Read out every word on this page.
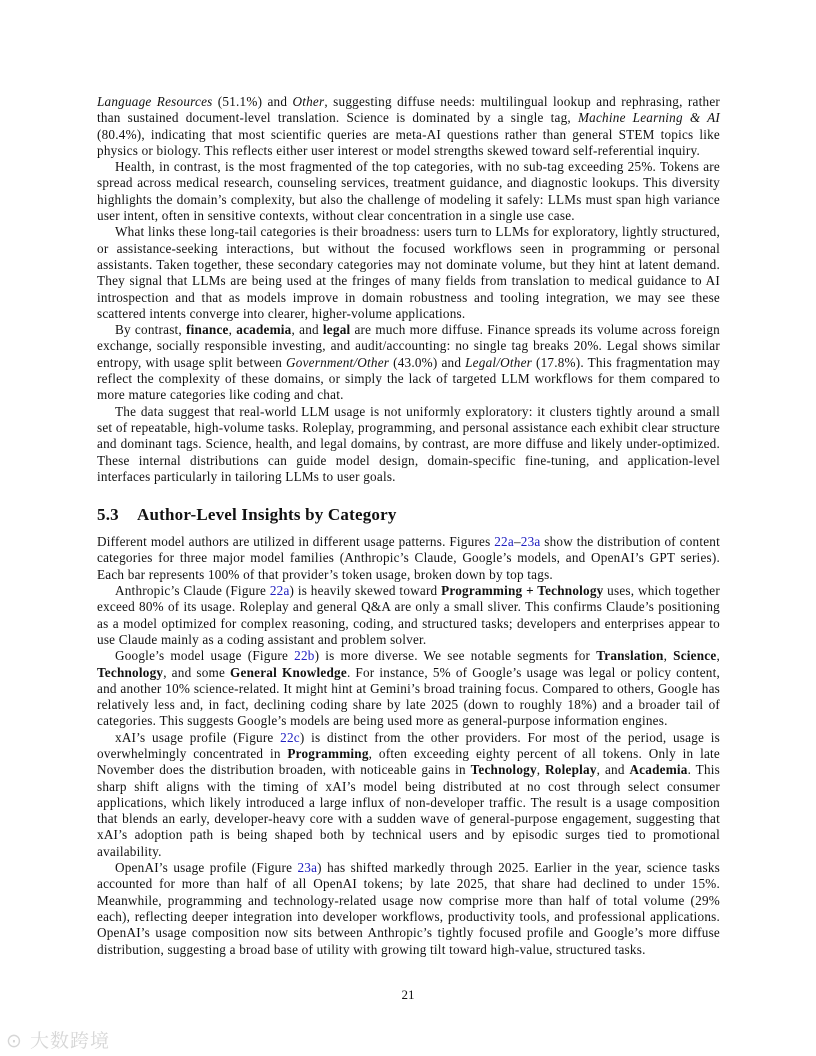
Language Resources (51.1%) and Other, suggesting diffuse needs: multilingual lookup and rephrasing, rather than sustained document-level translation. Science is dominated by a single tag, Machine Learning & AI (80.4%), indicating that most scientific queries are meta-AI questions rather than general STEM topics like physics or biology. This reflects either user interest or model strengths skewed toward self-referential inquiry.

Health, in contrast, is the most fragmented of the top categories, with no sub-tag exceeding 25%. Tokens are spread across medical research, counseling services, treatment guidance, and diagnostic lookups. This diversity highlights the domain’s complexity, but also the challenge of modeling it safely: LLMs must span high variance user intent, often in sensitive contexts, without clear concentration in a single use case.

What links these long-tail categories is their broadness: users turn to LLMs for exploratory, lightly structured, or assistance-seeking interactions, but without the focused workflows seen in programming or personal assistants. Taken together, these secondary categories may not dominate volume, but they hint at latent demand. They signal that LLMs are being used at the fringes of many fields from translation to medical guidance to AI introspection and that as models improve in domain robustness and tooling integration, we may see these scattered intents converge into clearer, higher-volume applications.

By contrast, finance, academia, and legal are much more diffuse. Finance spreads its volume across foreign exchange, socially responsible investing, and audit/accounting: no single tag breaks 20%. Legal shows similar entropy, with usage split between Government/Other (43.0%) and Legal/Other (17.8%). This fragmentation may reflect the complexity of these domains, or simply the lack of targeted LLM workflows for them compared to more mature categories like coding and chat.

The data suggest that real-world LLM usage is not uniformly exploratory: it clusters tightly around a small set of repeatable, high-volume tasks. Roleplay, programming, and personal assistance each exhibit clear structure and dominant tags. Science, health, and legal domains, by contrast, are more diffuse and likely under-optimized. These internal distributions can guide model design, domain-specific fine-tuning, and application-level interfaces particularly in tailoring LLMs to user goals.

5.3 Author-Level Insights by Category

Different model authors are utilized in different usage patterns. Figures 22a–23a show the distribution of content categories for three major model families (Anthropic’s Claude, Google’s models, and OpenAI’s GPT series). Each bar represents 100% of that provider’s token usage, broken down by top tags.

Anthropic’s Claude (Figure 22a) is heavily skewed toward Programming + Technology uses, which together exceed 80% of its usage. Roleplay and general Q&A are only a small sliver. This confirms Claude’s positioning as a model optimized for complex reasoning, coding, and structured tasks; developers and enterprises appear to use Claude mainly as a coding assistant and problem solver.

Google’s model usage (Figure 22b) is more diverse. We see notable segments for Translation, Science, Technology, and some General Knowledge. For instance, 5% of Google’s usage was legal or policy content, and another 10% science-related. It might hint at Gemini’s broad training focus. Compared to others, Google has relatively less and, in fact, declining coding share by late 2025 (down to roughly 18%) and a broader tail of categories. This suggests Google’s models are being used more as general-purpose information engines.

xAI’s usage profile (Figure 22c) is distinct from the other providers. For most of the period, usage is overwhelmingly concentrated in Programming, often exceeding eighty percent of all tokens. Only in late November does the distribution broaden, with noticeable gains in Technology, Roleplay, and Academia. This sharp shift aligns with the timing of xAI’s model being distributed at no cost through select consumer applications, which likely introduced a large influx of non-developer traffic. The result is a usage composition that blends an early, developer-heavy core with a sudden wave of general-purpose engagement, suggesting that xAI’s adoption path is being shaped both by technical users and by episodic surges tied to promotional availability.

OpenAI’s usage profile (Figure 23a) has shifted markedly through 2025. Earlier in the year, science tasks accounted for more than half of all OpenAI tokens; by late 2025, that share had declined to under 15%. Meanwhile, programming and technology-related usage now comprise more than half of total volume (29% each), reflecting deeper integration into developer workflows, productivity tools, and professional applications. OpenAI’s usage composition now sits between Anthropic’s tightly focused profile and Google’s more diffuse distribution, suggesting a broad base of utility with growing tilt toward high-value, structured tasks.

21
⊙ 大数跨境
